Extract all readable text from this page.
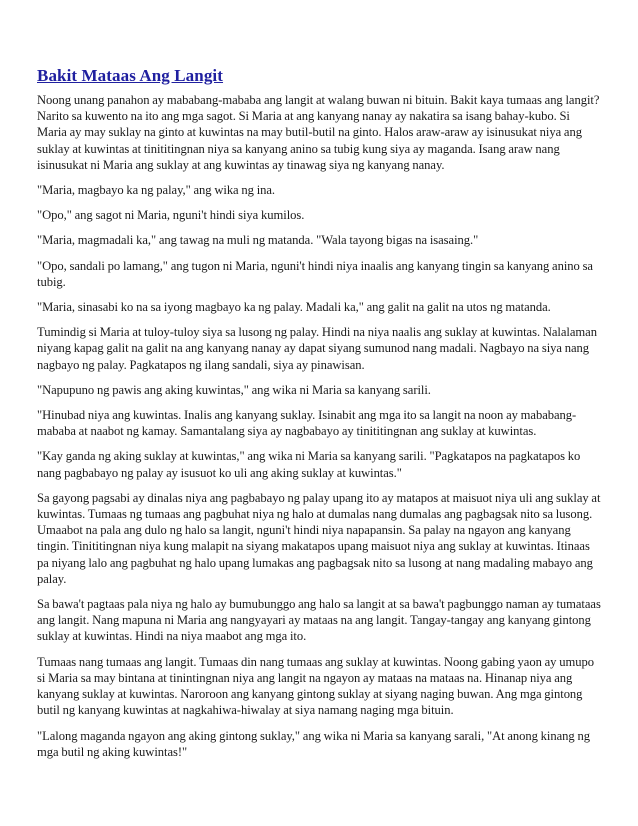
Bakit Mataas Ang Langit

Noong unang panahon ay mababang-mababa ang langit at walang buwan ni bituin. Bakit kaya tumaas ang langit? Narito sa kuwento na ito ang mga sagot. Si Maria at ang kanyang nanay ay nakatira sa isang bahay-kubo. Si Maria ay may suklay na ginto at kuwintas na may butil-butil na ginto. Halos araw-araw ay isinusukat niya ang suklay at kuwintas at tinititingnan niya sa kanyang anino sa tubig kung siya ay maganda. Isang araw nang isinusukat ni Maria ang suklay at ang kuwintas ay tinawag siya ng kanyang nanay.

"Maria, magbayo ka ng palay," ang wika ng ina.

"Opo," ang sagot ni Maria, nguni't hindi siya kumilos.

"Maria, magmadali ka," ang tawag na muli ng matanda. "Wala tayong bigas na isasaing."

"Opo, sandali po lamang," ang tugon ni Maria, nguni't hindi niya inaalis ang kanyang tingin sa kanyang anino sa tubig.

"Maria, sinasabi ko na sa iyong magbayo ka ng palay. Madali ka," ang galit na galit na utos ng matanda.

Tumindig si Maria at tuloy-tuloy siya sa lusong ng palay. Hindi na niya naalis ang suklay at kuwintas. Nalalaman niyang kapag galit na galit na ang kanyang nanay ay dapat siyang sumunod nang madali. Nagbayo na siya nang nagbayo ng palay. Pagkatapos ng ilang sandali, siya ay pinawisan.

"Napupuno ng pawis ang aking kuwintas," ang wika ni Maria sa kanyang sarili.

"Hinubad niya ang kuwintas. Inalis ang kanyang suklay. Isinabit ang mga ito sa langit na noon ay mababang-mababa at naabot ng kamay. Samantalang siya ay nagbabayo ay tinititingnan ang suklay at kuwintas.

"Kay ganda ng aking suklay at kuwintas," ang wika ni Maria sa kanyang sarili. "Pagkatapos na pagkatapos ko nang pagbabayo ng palay ay isusuot ko uli ang aking suklay at kuwintas."

Sa gayong pagsabi ay dinalas niya ang pagbabayo ng palay upang ito ay matapos at maisuot niya uli ang suklay at kuwintas. Tumaas ng tumaas ang pagbuhat niya ng halo at dumalas nang dumalas ang pagbagsak nito sa lusong. Umaabot na pala ang dulo ng halo sa langit, nguni't hindi niya napapansin. Sa palay na ngayon ang kanyang tingin. Tinititingnan niya kung malapit na siyang makatapos upang maisuot niya ang suklay at kuwintas. Itinaas pa niyang lalo ang pagbuhat ng halo upang lumakas ang pagbagsak nito sa lusong at nang madaling mabayo ang palay.

Sa bawa't pagtaas pala niya ng halo ay bumubunggo ang halo sa langit at sa bawa't pagbunggo naman ay tumataas ang langit. Nang mapuna ni Maria ang nangyayari ay mataas na ang langit. Tangay-tangay ang kanyang gintong suklay at kuwintas. Hindi na niya maabot ang mga ito.

Tumaas nang tumaas ang langit. Tumaas din nang tumaas ang suklay at kuwintas. Noong gabing yaon ay umupo si Maria sa may bintana at tinintingnan niya ang langit na ngayon ay mataas na mataas na. Hinanap niya ang kanyang suklay at kuwintas. Naroroon ang kanyang gintong suklay at siyang naging buwan. Ang mga gintong butil ng kanyang kuwintas at nagkahiwa-hiwalay at siya namang naging mga bituin.

"Lalong maganda ngayon ang aking gintong suklay," ang wika ni Maria sa kanyang sarali, "At anong kinang ng mga butil ng aking kuwintas!"
